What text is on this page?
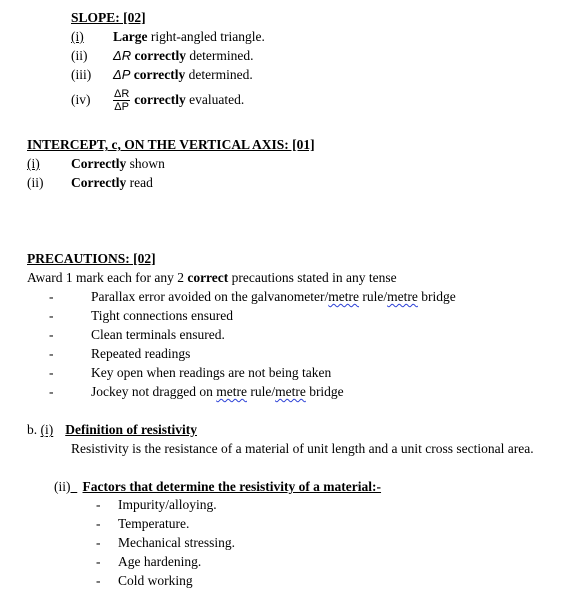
SLOPE: [02]
(i) Large right-angled triangle.
(ii) ΔR correctly determined.
(iii) ΔP correctly determined.
$(iv) \frac{\Delta R}{\Delta P}$ correctly evaluated.
INTERCEPT, c, ON THE VERTICAL AXIS: [01]
(i) Correctly shown
(ii) Correctly read
PRECAUTIONS: [02]
Award 1 mark each for any 2 correct precautions stated in any tense
-	Parallax error avoided on the galvanometer/metre rule/metre bridge
-	Tight connections ensured
-	Clean terminals ensured.
-	Repeated readings
-	Key open when readings are not being taken
-	Jockey not dragged on metre rule/metre bridge
b. (i) Definition of resistivity
Resistivity is the resistance of a material of unit length and a unit cross sectional area.
(ii) Factors that determine the resistivity of a material:-
- Impurity/alloying.
- Temperature.
- Mechanical stressing.
- Age hardening.
- Cold working
